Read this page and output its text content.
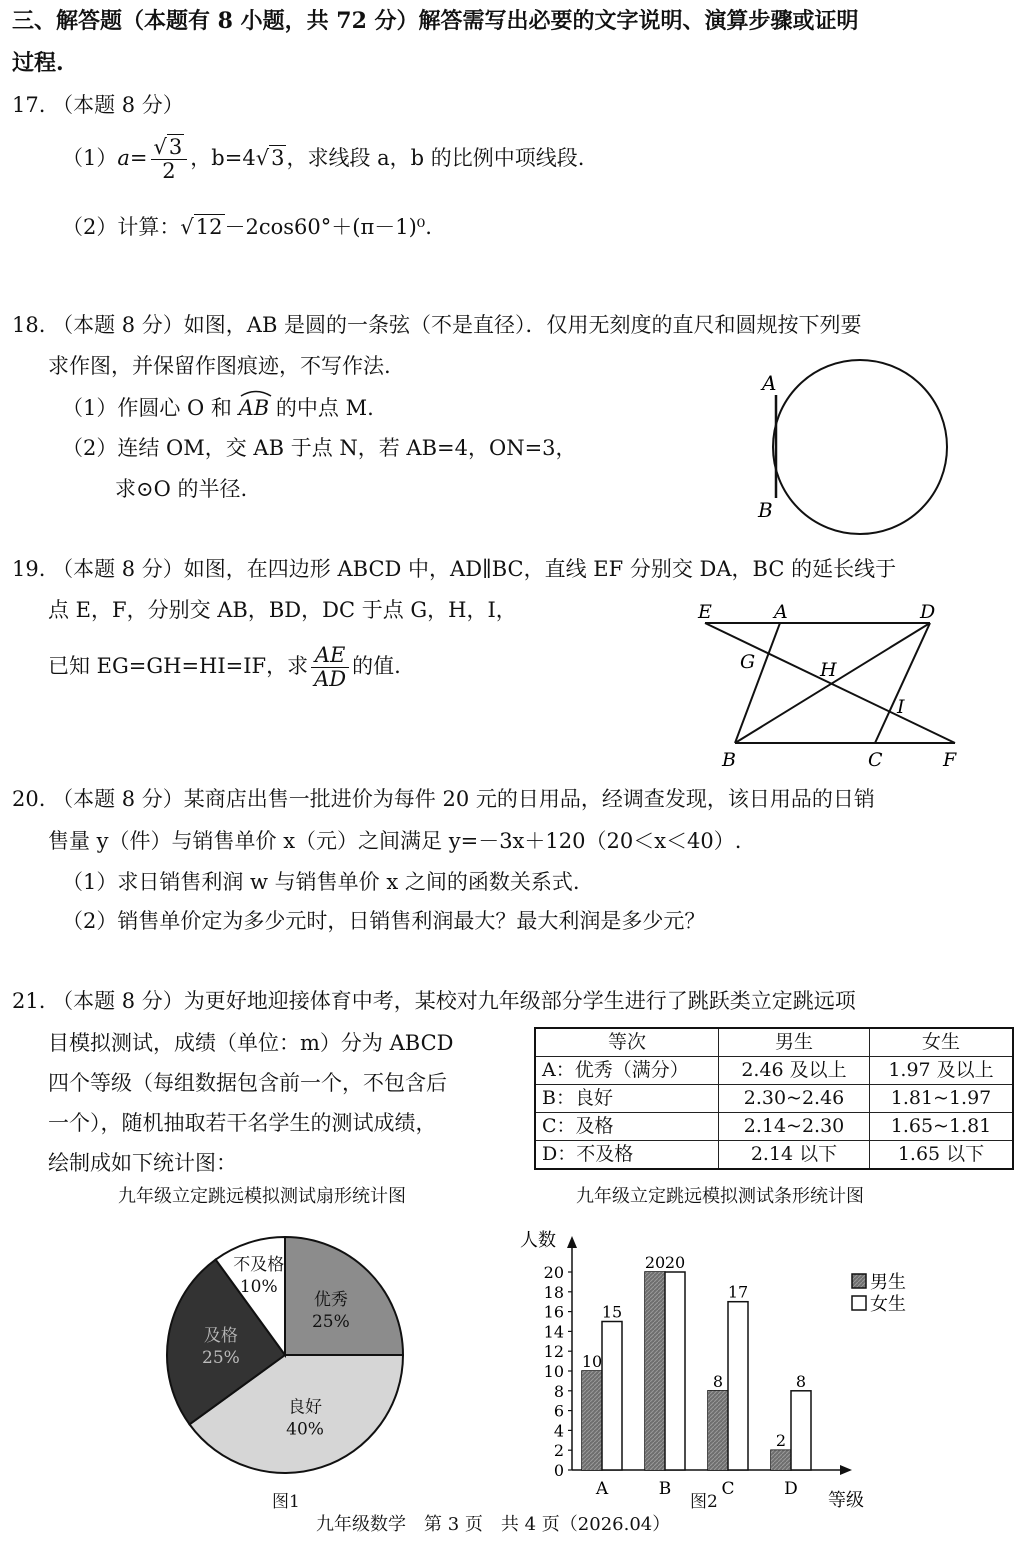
三、解答题（本题有 8 小题，共 72 分）解答需写出必要的文字说明、演算步骤或证明
过程.
17. （本题 8 分）
$(1)a= \frac{√3}{2}$ ，b=4√3，求线段 a，b 的比例中项线段.
（2）计算：√12－2cos60°＋(π－1)⁰.
18. （本题 8 分）如图，AB 是圆的一条弦（不是直径）．仅用无刻度的直尺和圆规按下列要
求作图，并保留作图痕迹，不写作法.
（1）作圆心 O 和
AB 的中点 M.
（2）连结 OM，交 AB 于点 N，若 AB=4，ON=3，
求⊙O 的半径.
A
B
19. （本题 8 分）如图，在四边形 ABCD 中，AD∥BC，直线 EF 分别交 DA，BC 的延长线于
点 E，F，分别交 AB，BD，DC 于点 G，H，I，
已知 EG=GH=HI=IF，求 $\frac{AE}{AD}$ 的值.
E	A	D
G	H
I
B	C	F
20. （本题 8 分）某商店出售一批进价为每件 20 元的日用品，经调查发现，该日用品的日销
售量 y（件）与销售单价 x（元）之间满足 y=－3x＋120（20＜x＜40）.
（1）求日销售利润 w 与销售单价 x 之间的函数关系式.
（2）销售单价定为多少元时，日销售利润最大？最大利润是多少元？
21. （本题 8 分）为更好地迎接体育中考，某校对九年级部分学生进行了跳跃类立定跳远项
目模拟测试，成绩（单位：m）分为 ABCD
四个等级（每组数据包含前一个，不包含后
一个），随机抽取若干名学生的测试成绩，
绘制成如下统计图：
等次	男生	女生
A：优秀（满分）	2.46 及以上	1.97 及以上
B：良好	2.30~2.46	1.81~1.97
C：及格	2.14~2.30	1.65~1.81
D：不及格	2.14 以下	1.65 以下
九年级立定跳远模拟测试扇形统计图	九年级立定跳远模拟测试条形统计图
优秀
25%
良好
40%
及格
25%
不及格
10%
人数
等级
0
2
4
6
8
10
12
14
16
18
20
10
15
A
20 20
B
8
17
C
2
8
D
男生
女生
图1	图2
九年级数学　第 3 页　共 4 页（2026.04）
